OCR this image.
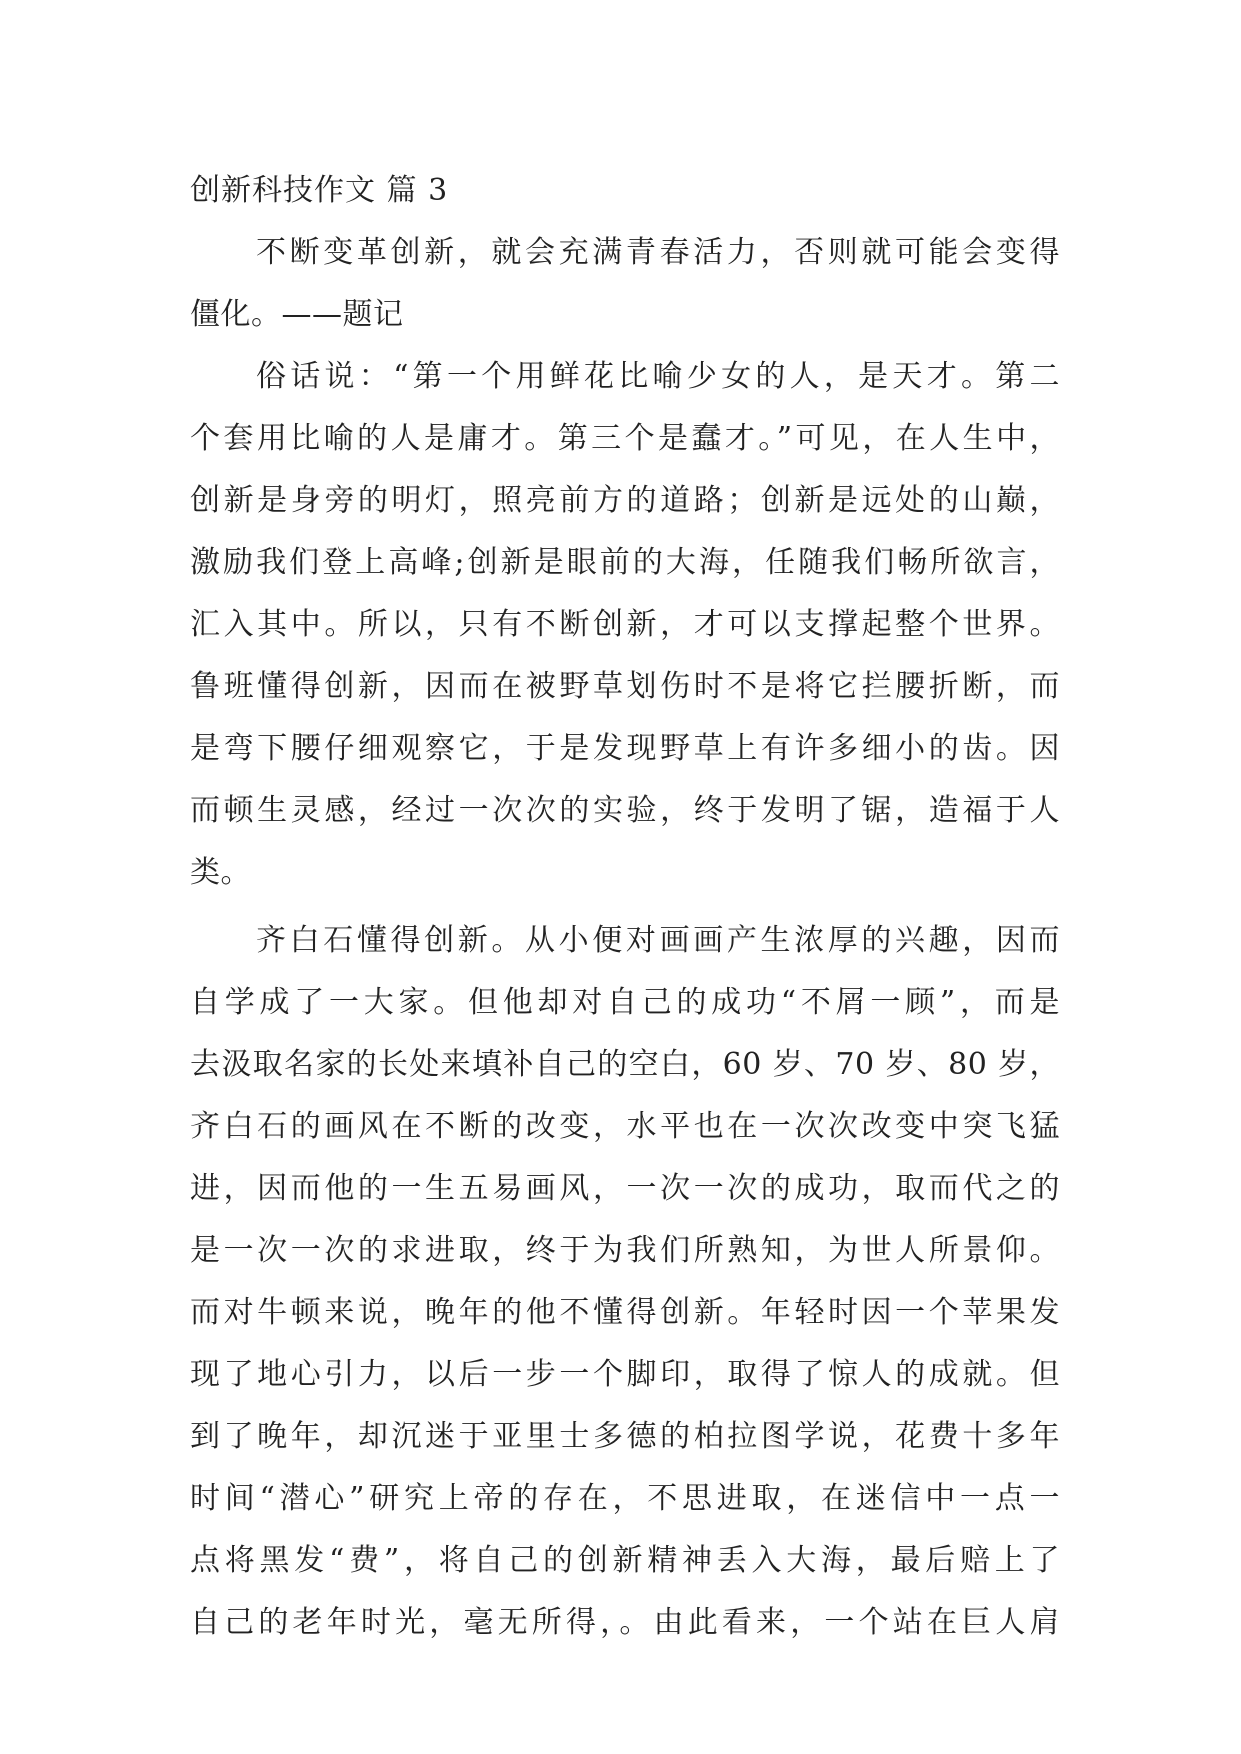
创新科技作文 篇 3
不断变革创新，就会充满青春活力，否则就可能会变得
僵化。——题记
俗话说：“第一个用鲜花比喻少女的人，是天才。第二
个套用比喻的人是庸才。第三个是蠢才。”可见，在人生中，
创新是身旁的明灯，照亮前方的道路；创新是远处的山巅，
激励我们登上高峰;创新是眼前的大海，任随我们畅所欲言，
汇入其中。所以，只有不断创新，才可以支撑起整个世界。
鲁班懂得创新，因而在被野草划伤时不是将它拦腰折断，而
是弯下腰仔细观察它，于是发现野草上有许多细小的齿。因
而顿生灵感，经过一次次的实验，终于发明了锯，造福于人
类。
齐白石懂得创新。从小便对画画产生浓厚的兴趣，因而
自学成了一大家。但他却对自己的成功“不屑一顾”，而是
去汲取名家的长处来填补自己的空白，60 岁、70 岁、80 岁，
齐白石的画风在不断的改变，水平也在一次次改变中突飞猛
进，因而他的一生五易画风，一次一次的成功，取而代之的
是一次一次的求进取，终于为我们所熟知，为世人所景仰。
而对牛顿来说，晚年的他不懂得创新。年轻时因一个苹果发
现了地心引力，以后一步一个脚印，取得了惊人的成就。但
到了晚年，却沉迷于亚里士多德的柏拉图学说，花费十多年
时间“潜心”研究上帝的存在，不思进取，在迷信中一点一
点将黑发“费”，将自己的创新精神丢入大海，最后赔上了
自己的老年时光，毫无所得，。由此看来，一个站在巨人肩
